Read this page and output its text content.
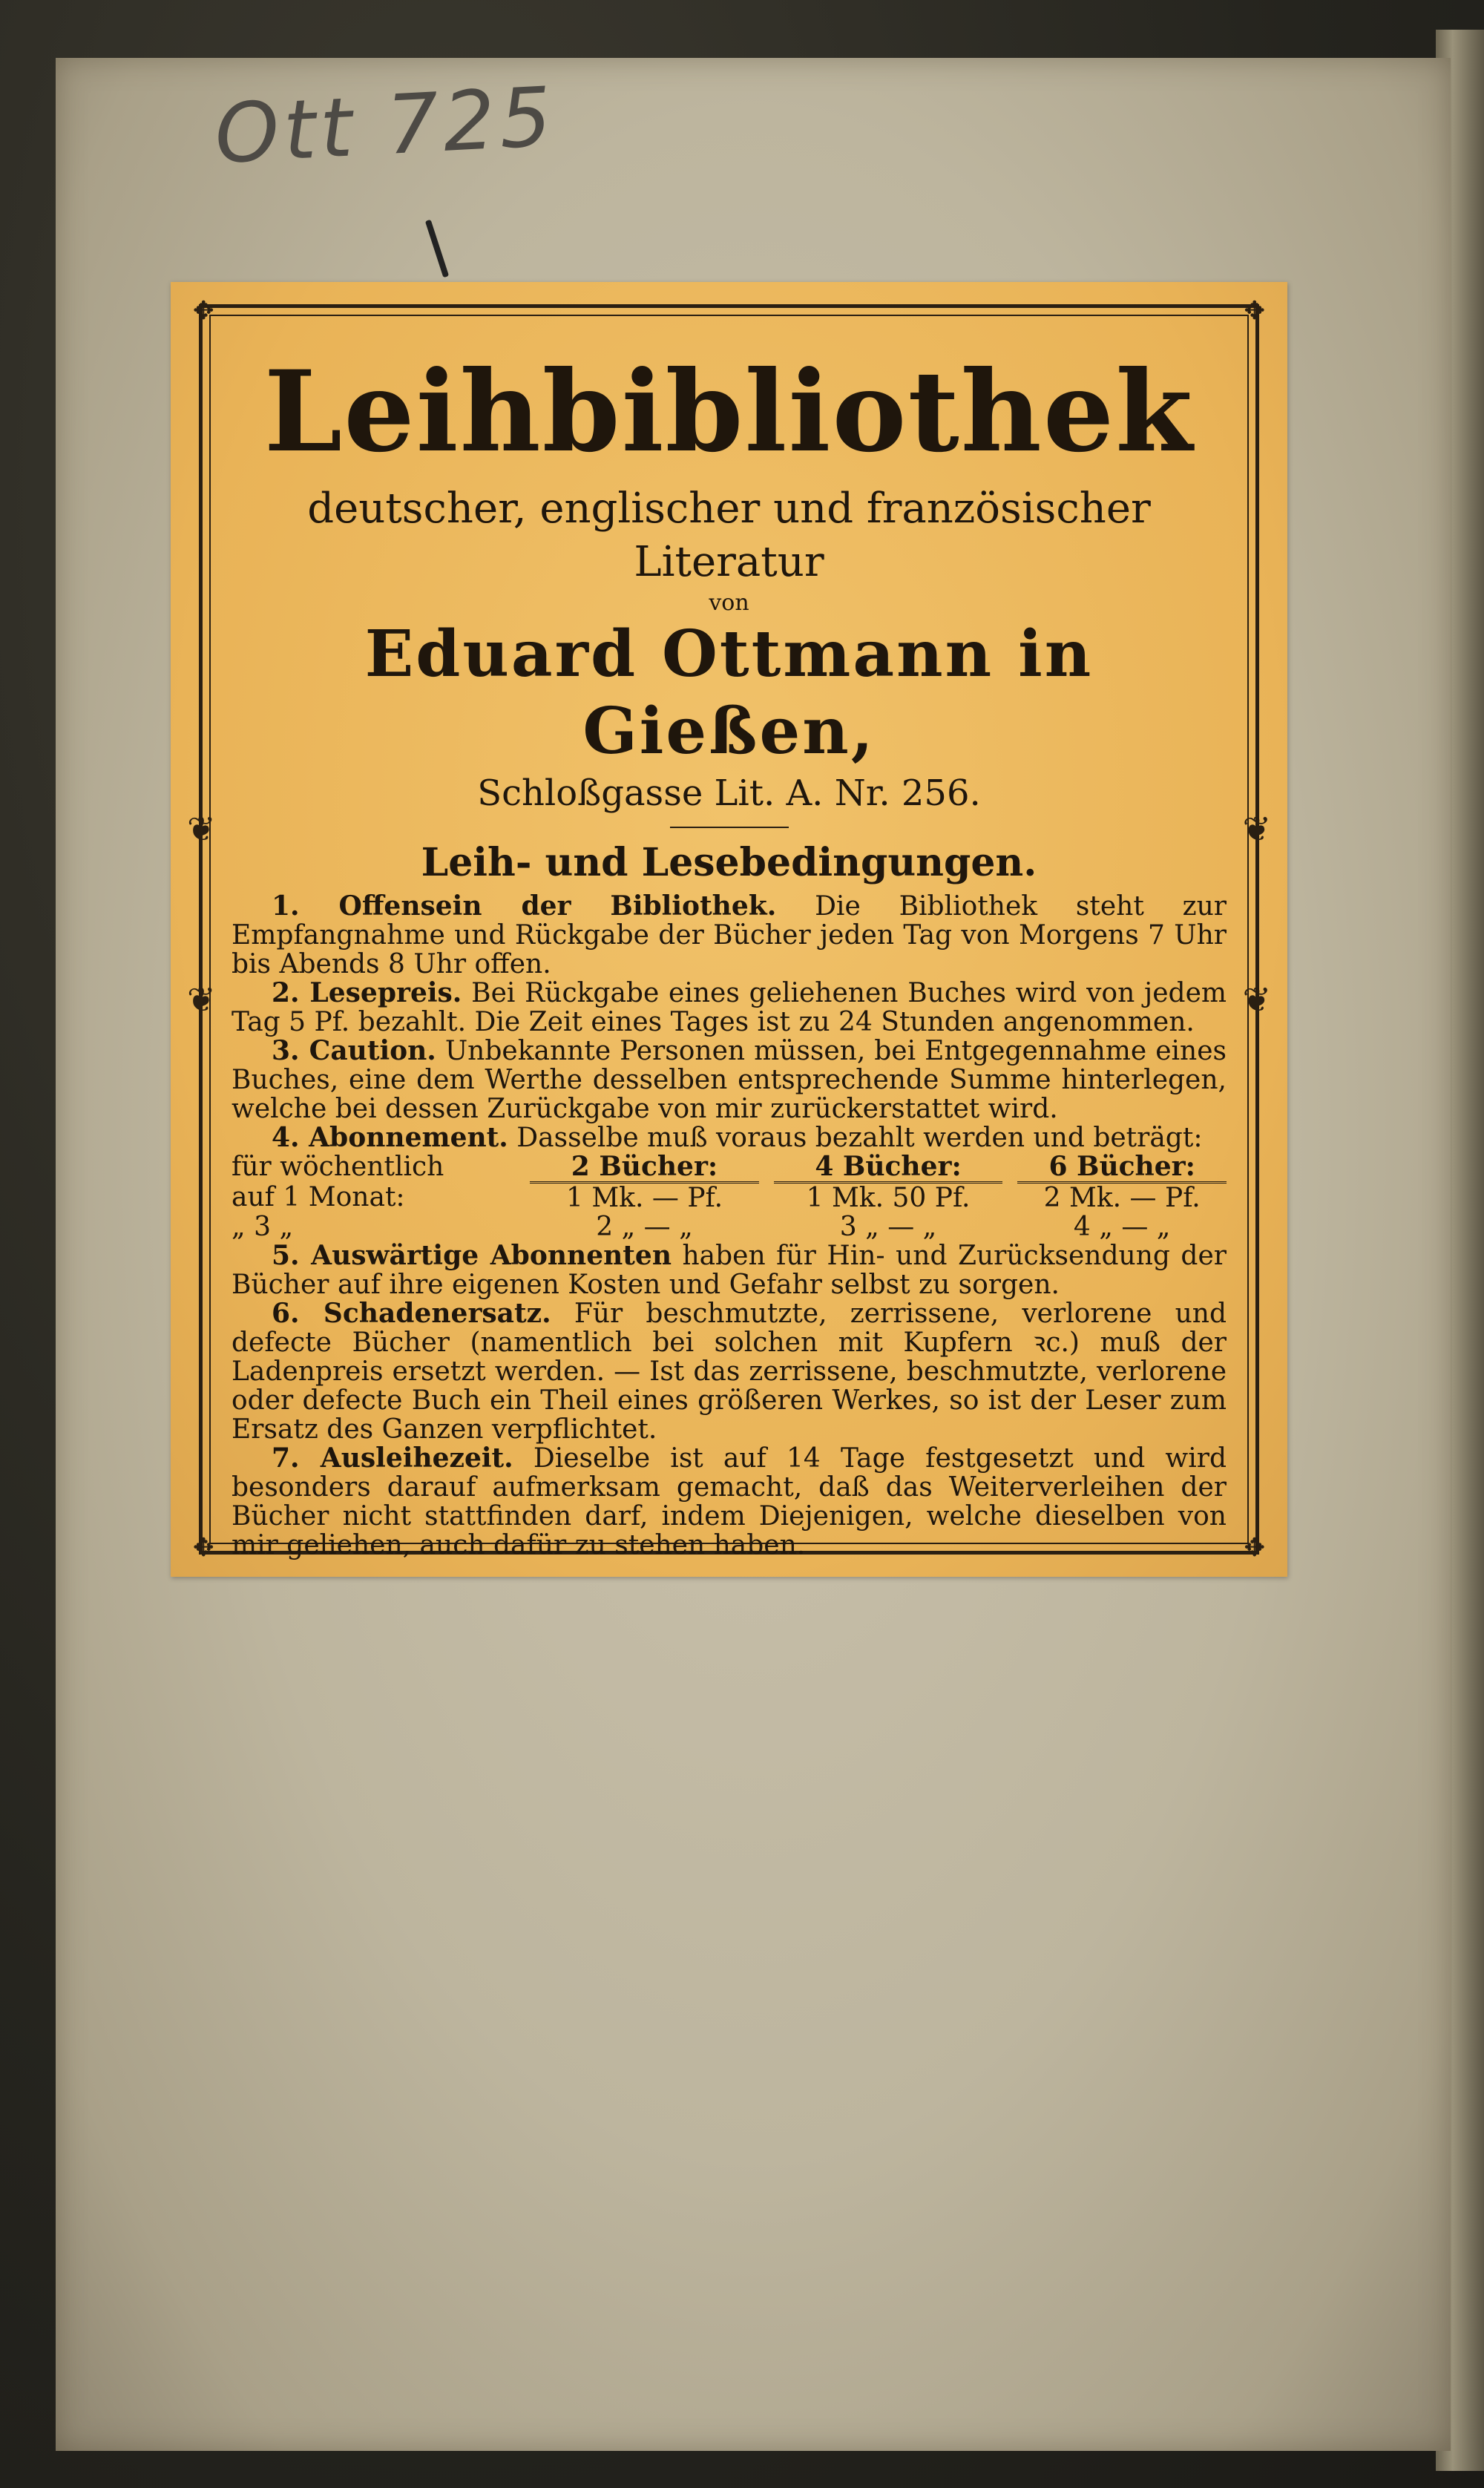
Ott 725
✥	✥
✥	✥
❦	❦
❦	❦
Leihbibliothek
deutscher, englischer und französischer Literatur
von
Eduard Ottmann in Gießen,
Schloßgasse Lit. A. Nr. 256.
Leih- und Lesebedingungen.

1. Offensein der Bibliothek. Die Bibliothek steht zur Empfangnahme und Rückgabe der Bücher jeden Tag von Morgens 7 Uhr bis Abends 8 Uhr offen.

2. Lesepreis. Bei Rückgabe eines geliehenen Buches wird von jedem Tag 5 Pf. bezahlt. Die Zeit eines Tages ist zu 24 Stunden angenommen.

3. Caution. Unbekannte Personen müssen, bei Entgegennahme eines Buches, eine dem Werthe desselben entsprechende Summe hinterlegen, welche bei dessen Zurückgabe von mir zurückerstattet wird.

4. Abonnement. Dasselbe muß voraus bezahlt werden und beträgt:

für wöchentlich	2 Bücher:		4 Bücher:		6 Bücher:
auf 1 Monat:	1 Mk. — Pf.		1 Mk. 50 Pf.		2 Mk. — Pf.
„ 3 „	2 „ — „		3 „ — „		4 „ — „

5. Auswärtige Abonnenten haben für Hin- und Zurücksendung der Bücher auf ihre eigenen Kosten und Gefahr selbst zu sorgen.

6. Schadenersatz. Für beschmutzte, zerrissene, verlorene und defecte Bücher (namentlich bei solchen mit Kupfern ꝛc.) muß der Ladenpreis ersetzt werden. — Ist das zerrissene, beschmutzte, verlorene oder defecte Buch ein Theil eines größeren Werkes, so ist der Leser zum Ersatz des Ganzen verpflichtet.

7. Ausleihezeit. Dieselbe ist auf 14 Tage festgesetzt und wird besonders darauf aufmerksam gemacht, daß das Weiterverleihen der Bücher nicht stattfinden darf, indem Diejenigen, welche dieselben von mir geliehen, auch dafür zu stehen haben.
